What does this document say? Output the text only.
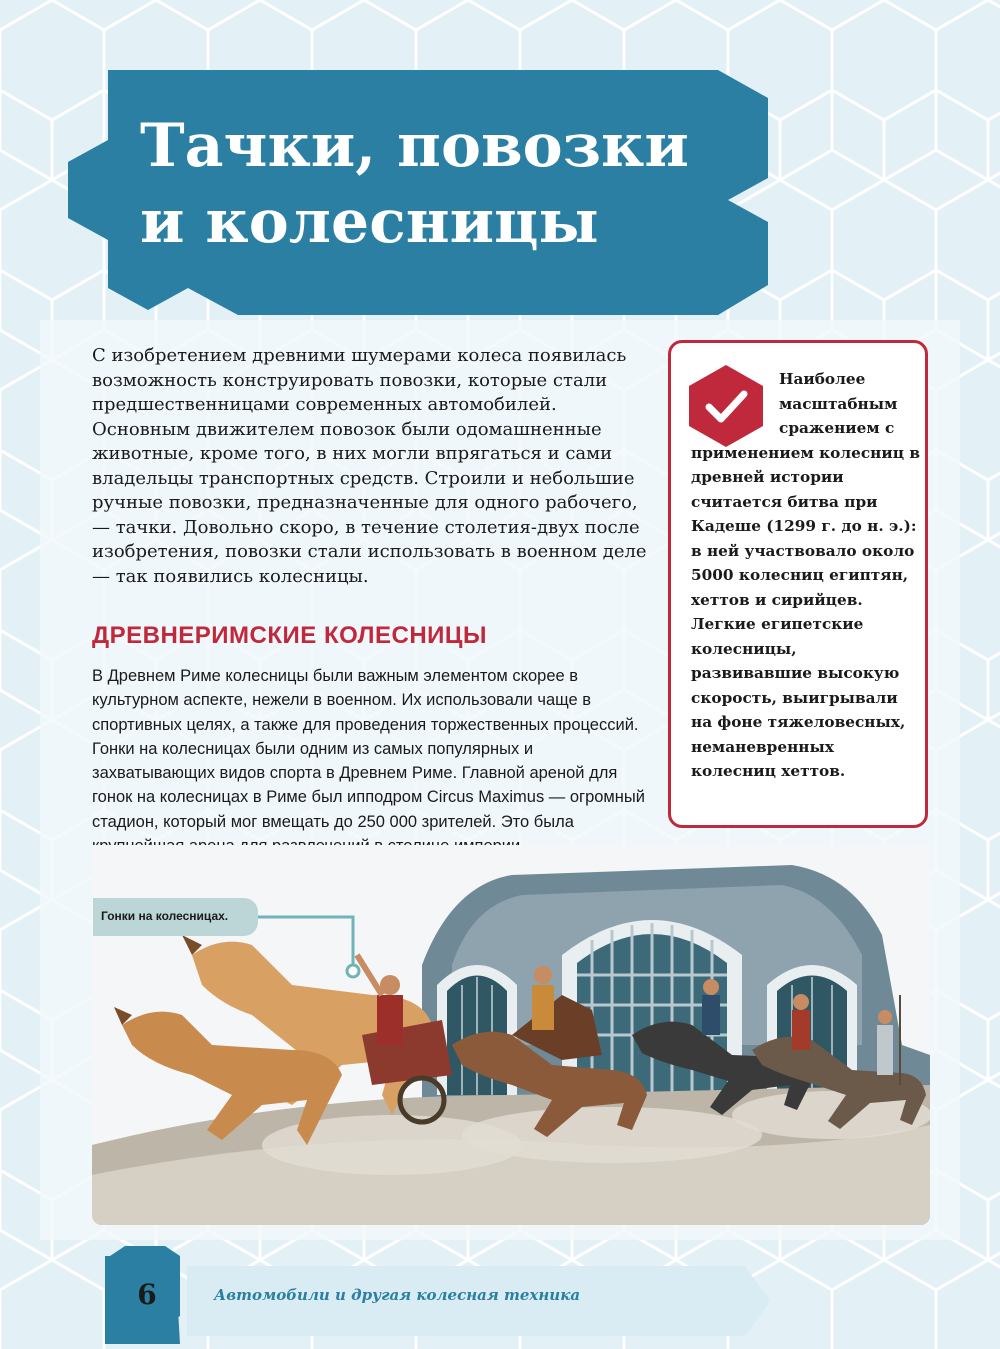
Тачки, повозки
и колесницы

С изобретением древними шумерами колеса появилась возможность конструировать повозки, которые стали предшественницами современных автомобилей. Основным движителем повозок были одомашненные животные, кроме того, в них могли впрягаться и сами владельцы транспортных средств. Строили и небольшие ручные повозки, предназначенные для одного рабочего, — тачки. Довольно скоро, в течение столетия-двух после изобретения, повозки стали использовать в военном деле — так появились колесницы.

ДРЕВНЕРИМСКИЕ КОЛЕСНИЦЫ

В Древнем Риме колесницы были важным элементом скорее в культурном аспекте, нежели в военном. Их использовали чаще в спортивных целях, а также для проведения торжественных процессий. Гонки на колесницах были одним из самых популярных и захватывающих видов спорта в Древнем Риме. Главной ареной для гонок на колесницах в Риме был ипподром Circus Maximus — огромный стадион, который мог вмещать до 250 000 зрителей. Это была

Наиболее масштабным сражением с применением колесниц в древней истории считается битва при Кадеше (1299 г. до н. э.): в ней участвовало около 5000 колесниц египтян, хеттов и сирийцев. Легкие египетские колесницы, развивавшие высокую скорость, выигрывали на фоне тяжеловесных, неманевренных колесниц хеттов.

Гонки на колесницах.
6	Автомобили и другая колесная техника
